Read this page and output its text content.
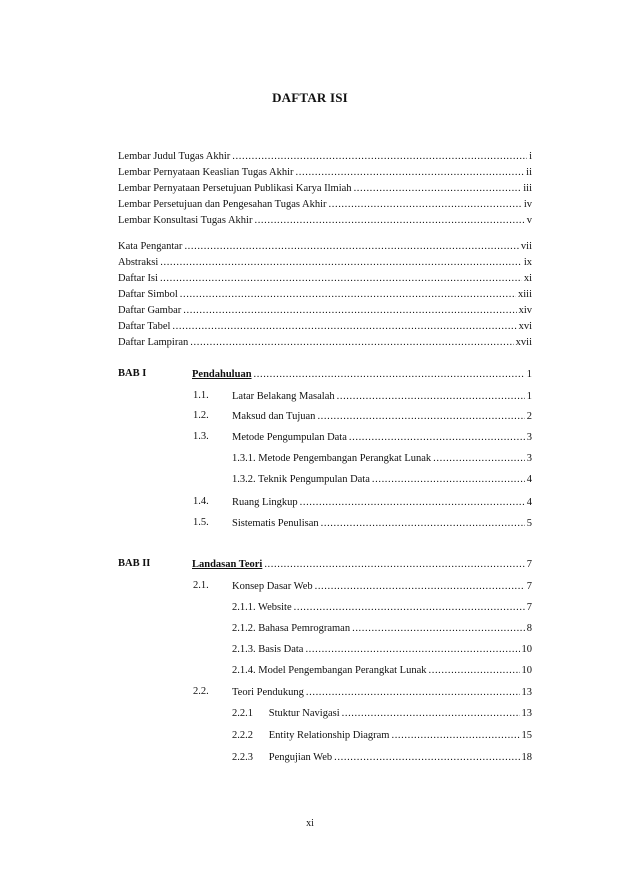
DAFTAR ISI
Lembar Judul Tugas Akhir .....	i
Lembar Pernyataan Keaslian Tugas Akhir .....	ii
Lembar Pernyataan Persetujuan Publikasi Karya Ilmiah .....	iii
Lembar Persetujuan dan Pengesahan Tugas Akhir .....	iv
Lembar Konsultasi Tugas Akhir .....	v
Kata Pengantar .....	vii
Abstraksi .....	ix
Daftar Isi .....	xi
Daftar Simbol .....	xiii
Daftar Gambar .....	xiv
Daftar Tabel .....	xvi
Daftar Lampiran .....	xvii
BAB I	Pendahuluan .....	1
1.1. Latar Belakang Masalah .....	1
1.2. Maksud dan Tujuan .....	2
1.3. Metode Pengumpulan Data .....	3
1.3.1. Metode Pengembangan Perangkat Lunak .....	3
1.3.2. Teknik Pengumpulan Data .....	4
1.4. Ruang Lingkup .....	4
1.5. Sistematis Penulisan .....	5
BAB II	Landasan Teori .....	7
2.1. Konsep Dasar Web .....	7
2.1.1. Website .....	7
2.1.2. Bahasa Pemrograman .....	8
2.1.3. Basis Data .....	10
2.1.4. Model Pengembangan Perangkat Lunak .....	10
2.2. Teori Pendukung .....	13
2.2.1      Stuktur Navigasi .....	13
2.2.2      Entity Relationship Diagram .....	15
2.2.3      Pengujian Web .....	18
xi
